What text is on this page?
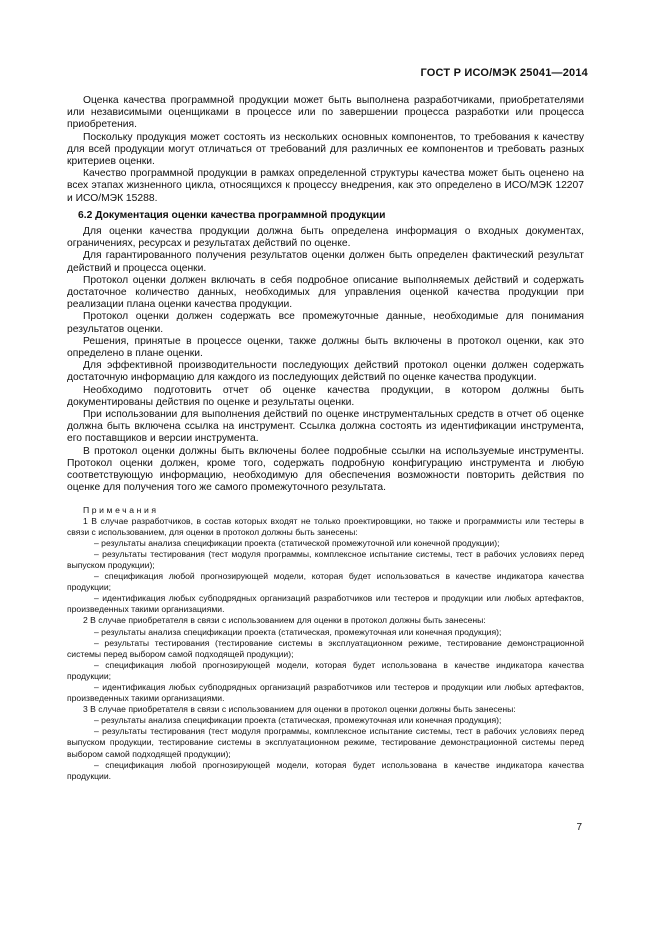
ГОСТ Р ИСО/МЭК 25041—2014

Оценка качества программной продукции может быть выполнена разработчиками, приобретателями или независимыми оценщиками в процессе или по завершении процесса разработки или процесса приобретения.

Поскольку продукция может состоять из нескольких основных компонентов, то требования к качеству для всей продукции могут отличаться от требований для различных ее компонентов и требовать разных критериев оценки.

Качество программной продукции в рамках определенной структуры качества может быть оценено на всех этапах жизненного цикла, относящихся к процессу внедрения, как это определено в ИСО/МЭК 12207 и ИСО/МЭК 15288.

6.2 Документация оценки качества программной продукции

Для оценки качества продукции должна быть определена информация о входных документах, ограничениях, ресурсах и результатах действий по оценке.

Для гарантированного получения результатов оценки должен быть определен фактический результат действий и процесса оценки.

Протокол оценки должен включать в себя подробное описание выполняемых действий и содержать достаточное количество данных, необходимых для управления оценкой качества продукции при реализации плана оценки качества продукции.

Протокол оценки должен содержать все промежуточные данные, необходимые для понимания результатов оценки.

Решения, принятые в процессе оценки, также должны быть включены в протокол оценки, как это определено в плане оценки.

Для эффективной производительности последующих действий протокол оценки должен содержать достаточную информацию для каждого из последующих действий по оценке качества продукции.

Необходимо подготовить отчет об оценке качества продукции, в котором должны быть документированы действия по оценке и результаты оценки.

При использовании для выполнения действий по оценке инструментальных средств в отчет об оценке должна быть включена ссылка на инструмент. Ссылка должна состоять из идентификации инструмента, его поставщиков и версии инструмента.

В протокол оценки должны быть включены более подробные ссылки на используемые инструменты. Протокол оценки должен, кроме того, содержать подробную конфигурацию инструмента и любую соответствующую информацию, необходимую для обеспечения возможности повторить действия по оценке для получения того же самого промежуточного результата.

Примечания

1 В случае разработчиков, в состав которых входят не только проектировщики, но также и программисты или тестеры в связи с использованием, для оценки в протокол должны быть занесены:

– результаты анализа спецификации проекта (статической промежуточной или конечной продукции);

– результаты тестирования (тест модуля программы, комплексное испытание системы, тест в рабочих условиях перед выпуском продукции);

– спецификация любой прогнозирующей модели, которая будет использоваться в качестве индикатора качества продукции;

– идентификация любых субподрядных организаций разработчиков или тестеров и продукции или любых артефактов, произведенных такими организациями.

2 В случае приобретателя в связи с использованием для оценки в протокол должны быть занесены:

– результаты анализа спецификации проекта (статическая, промежуточная или конечная продукция);

– результаты тестирования (тестирование системы в эксплуатационном режиме, тестирование демонстрационной системы перед выбором самой подходящей продукции);

– спецификация любой прогнозирующей модели, которая будет использована в качестве индикатора качества продукции;

– идентификация любых субподрядных организаций разработчиков или тестеров и продукции или любых артефактов, произведенных такими организациями.

3 В случае приобретателя в связи с использованием для оценки в протокол оценки должны быть занесены:

– результаты анализа спецификации проекта (статическая, промежуточная или конечная продукция);

– результаты тестирования (тест модуля программы, комплексное испытание системы, тест в рабочих условиях перед выпуском продукции, тестирование системы в эксплуатационном режиме, тестирование демонстрационной системы перед выбором самой подходящей продукции);

– спецификация любой прогнозирующей модели, которая будет использована в качестве индикатора качества продукции.

7
